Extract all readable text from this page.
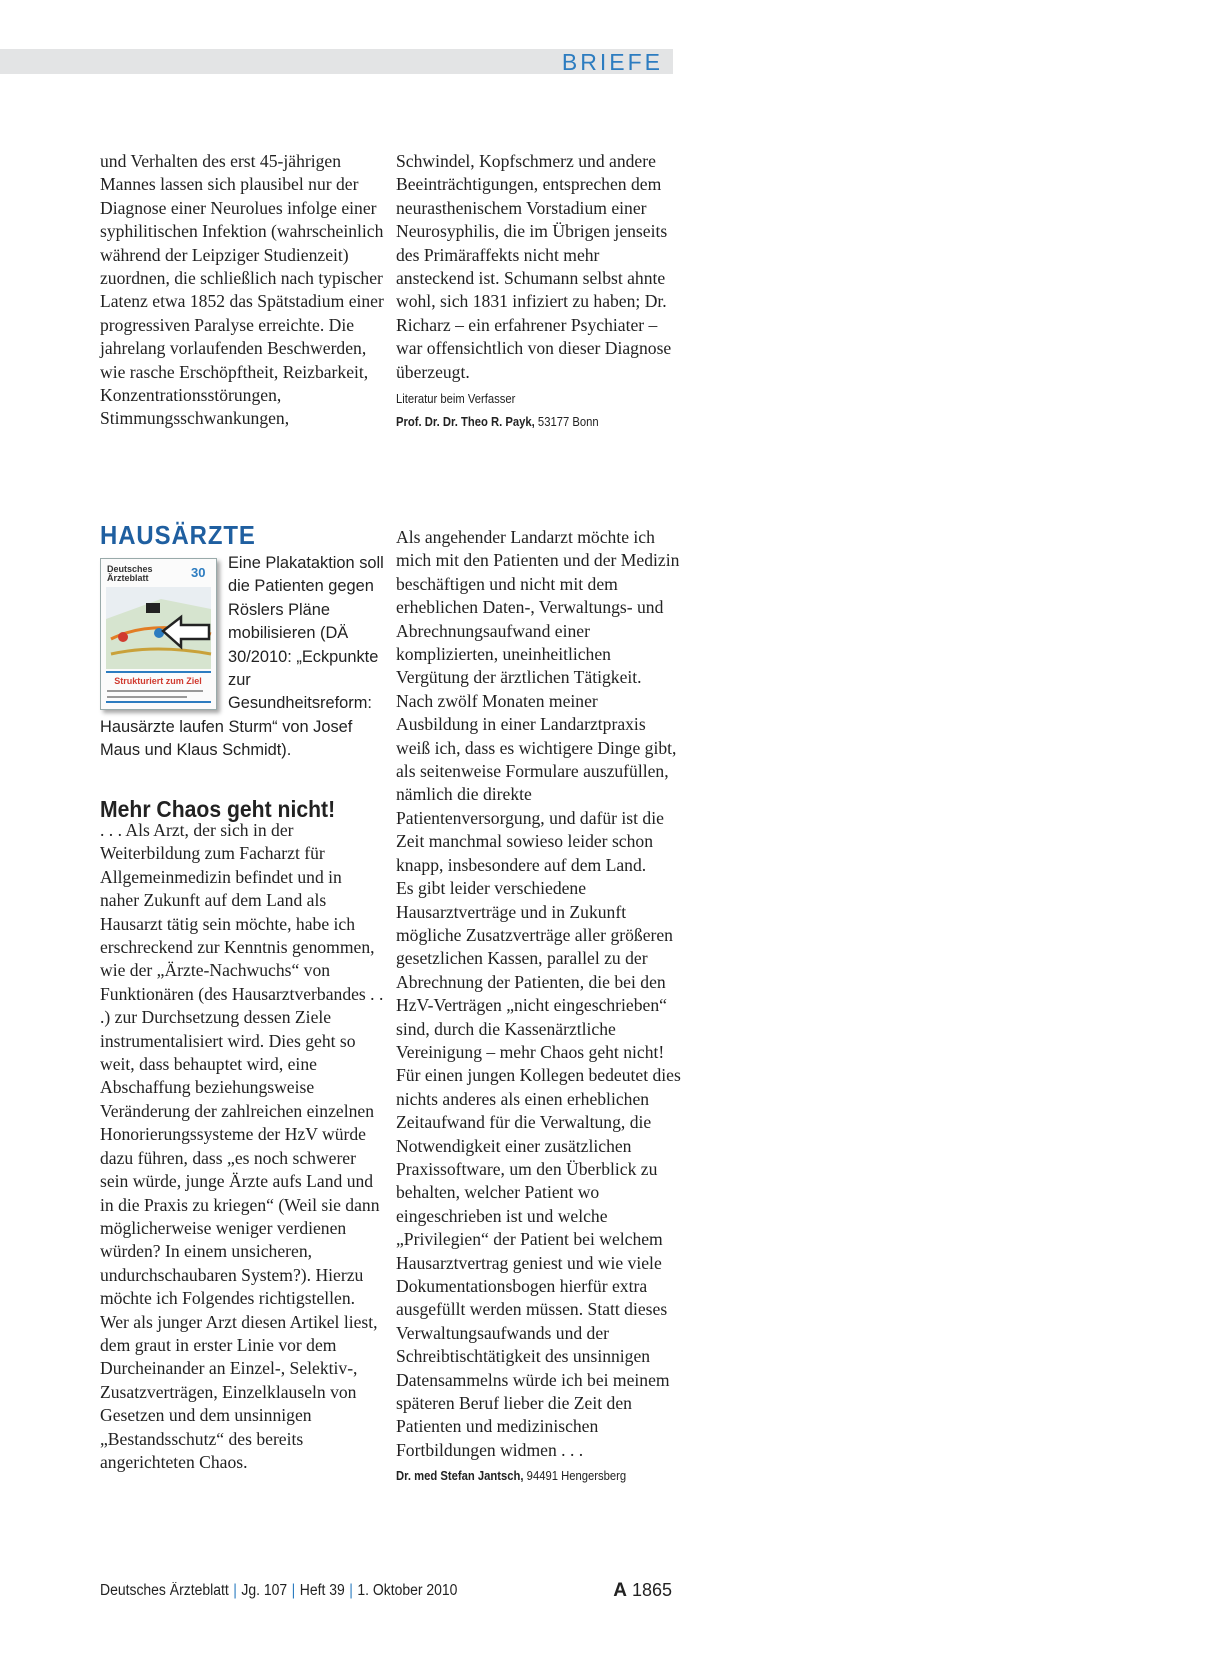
BRIEFE

und Verhalten des erst 45-jährigen Mannes lassen sich plausibel nur der Diagnose einer Neurolues infolge einer syphilitischen Infektion (wahrscheinlich während der Leipziger Studienzeit) zuordnen, die schließlich nach typischer Latenz etwa 1852 das Spätstadium einer progressiven Paralyse erreichte. Die jahrelang vorlaufenden Beschwerden, wie rasche Erschöpftheit, Reizbarkeit, Konzentrationsstörungen, Stimmungsschwankungen,

Schwindel, Kopfschmerz und andere Beeinträchtigungen, entsprechen dem neurasthenischem Vorstadium einer Neurosyphilis, die im Übrigen jenseits des Primäraffekts nicht mehr ansteckend ist. Schumann selbst ahnte wohl, sich 1831 infiziert zu haben; Dr. Richarz – ein erfahrener Psychiater – war offensichtlich von dieser Diagnose überzeugt.

Literatur beim Verfasser
Prof. Dr. Dr. Theo R. Payk, 53177 Bonn
HAUSÄRZTE
Eine Plakataktion soll die Patienten gegen Röslers Pläne mobilisieren (DÄ 30/2010: „Eckpunkte zur Gesundheitsreform: Hausärzte laufen Sturm“ von Josef Maus und Klaus Schmidt).
Deutsches
Ärzteblatt	30
Strukturiert zum Ziel
Mehr Chaos geht nicht!

. . . Als Arzt, der sich in der Weiterbildung zum Facharzt für Allgemeinmedizin befindet und in naher Zukunft auf dem Land als Hausarzt tätig sein möchte, habe ich erschreckend zur Kenntnis genommen, wie der „Ärzte-Nachwuchs“ von Funktionären (des Hausarztverbandes . . .) zur Durchsetzung dessen Ziele instrumentalisiert wird. Dies geht so weit, dass behauptet wird, eine Abschaffung beziehungsweise Veränderung der zahlreichen einzelnen Honorierungssysteme der HzV würde dazu führen, dass „es noch schwerer sein würde, junge Ärzte aufs Land und in die Praxis zu kriegen“ (Weil sie dann möglicherweise weniger verdienen würden? In einem unsicheren, undurchschaubaren System?). Hierzu möchte ich Folgendes richtigstellen.

Wer als junger Arzt diesen Artikel liest, dem graut in erster Linie vor dem Durcheinander an Einzel-, Selektiv-, Zusatzverträgen, Einzelklauseln von Gesetzen und dem unsinnigen „Bestandsschutz“ des bereits angerichteten Chaos.

Als angehender Landarzt möchte ich mich mit den Patienten und der Medizin beschäftigen und nicht mit dem erheblichen Daten-, Verwaltungs- und Abrechnungsaufwand einer komplizierten, uneinheitlichen Vergütung der ärztlichen Tätigkeit. Nach zwölf Monaten meiner Ausbildung in einer Landarztpraxis weiß ich, dass es wichtigere Dinge gibt, als seitenweise Formulare auszufüllen, nämlich die direkte Patientenversorgung, und dafür ist die Zeit manchmal sowieso leider schon knapp, insbesondere auf dem Land.

Es gibt leider verschiedene Hausarztverträge und in Zukunft mögliche Zusatzverträge aller größeren gesetzlichen Kassen, parallel zu der Abrechnung der Patienten, die bei den HzV-Verträgen „nicht eingeschrieben“ sind, durch die Kassenärztliche Vereinigung – mehr Chaos geht nicht!

Für einen jungen Kollegen bedeutet dies nichts anderes als einen erheblichen Zeitaufwand für die Verwaltung, die Notwendigkeit einer zusätzlichen Praxissoftware, um den Überblick zu behalten, welcher Patient wo eingeschrieben ist und welche „Privilegien“ der Patient bei welchem Hausarztvertrag geniest und wie viele Dokumentationsbogen hierfür extra ausgefüllt werden müssen. Statt dieses Verwaltungsaufwands und der Schreibtischtätigkeit des unsinnigen Datensammelns würde ich bei meinem späteren Beruf lieber die Zeit den Patienten und medizinischen Fortbildungen widmen . . .

Dr. med Stefan Jantsch, 94491 Hengersberg
Deutsches Ärzteblatt | Jg. 107 | Heft 39 | 1. Oktober 2010	A 1865
